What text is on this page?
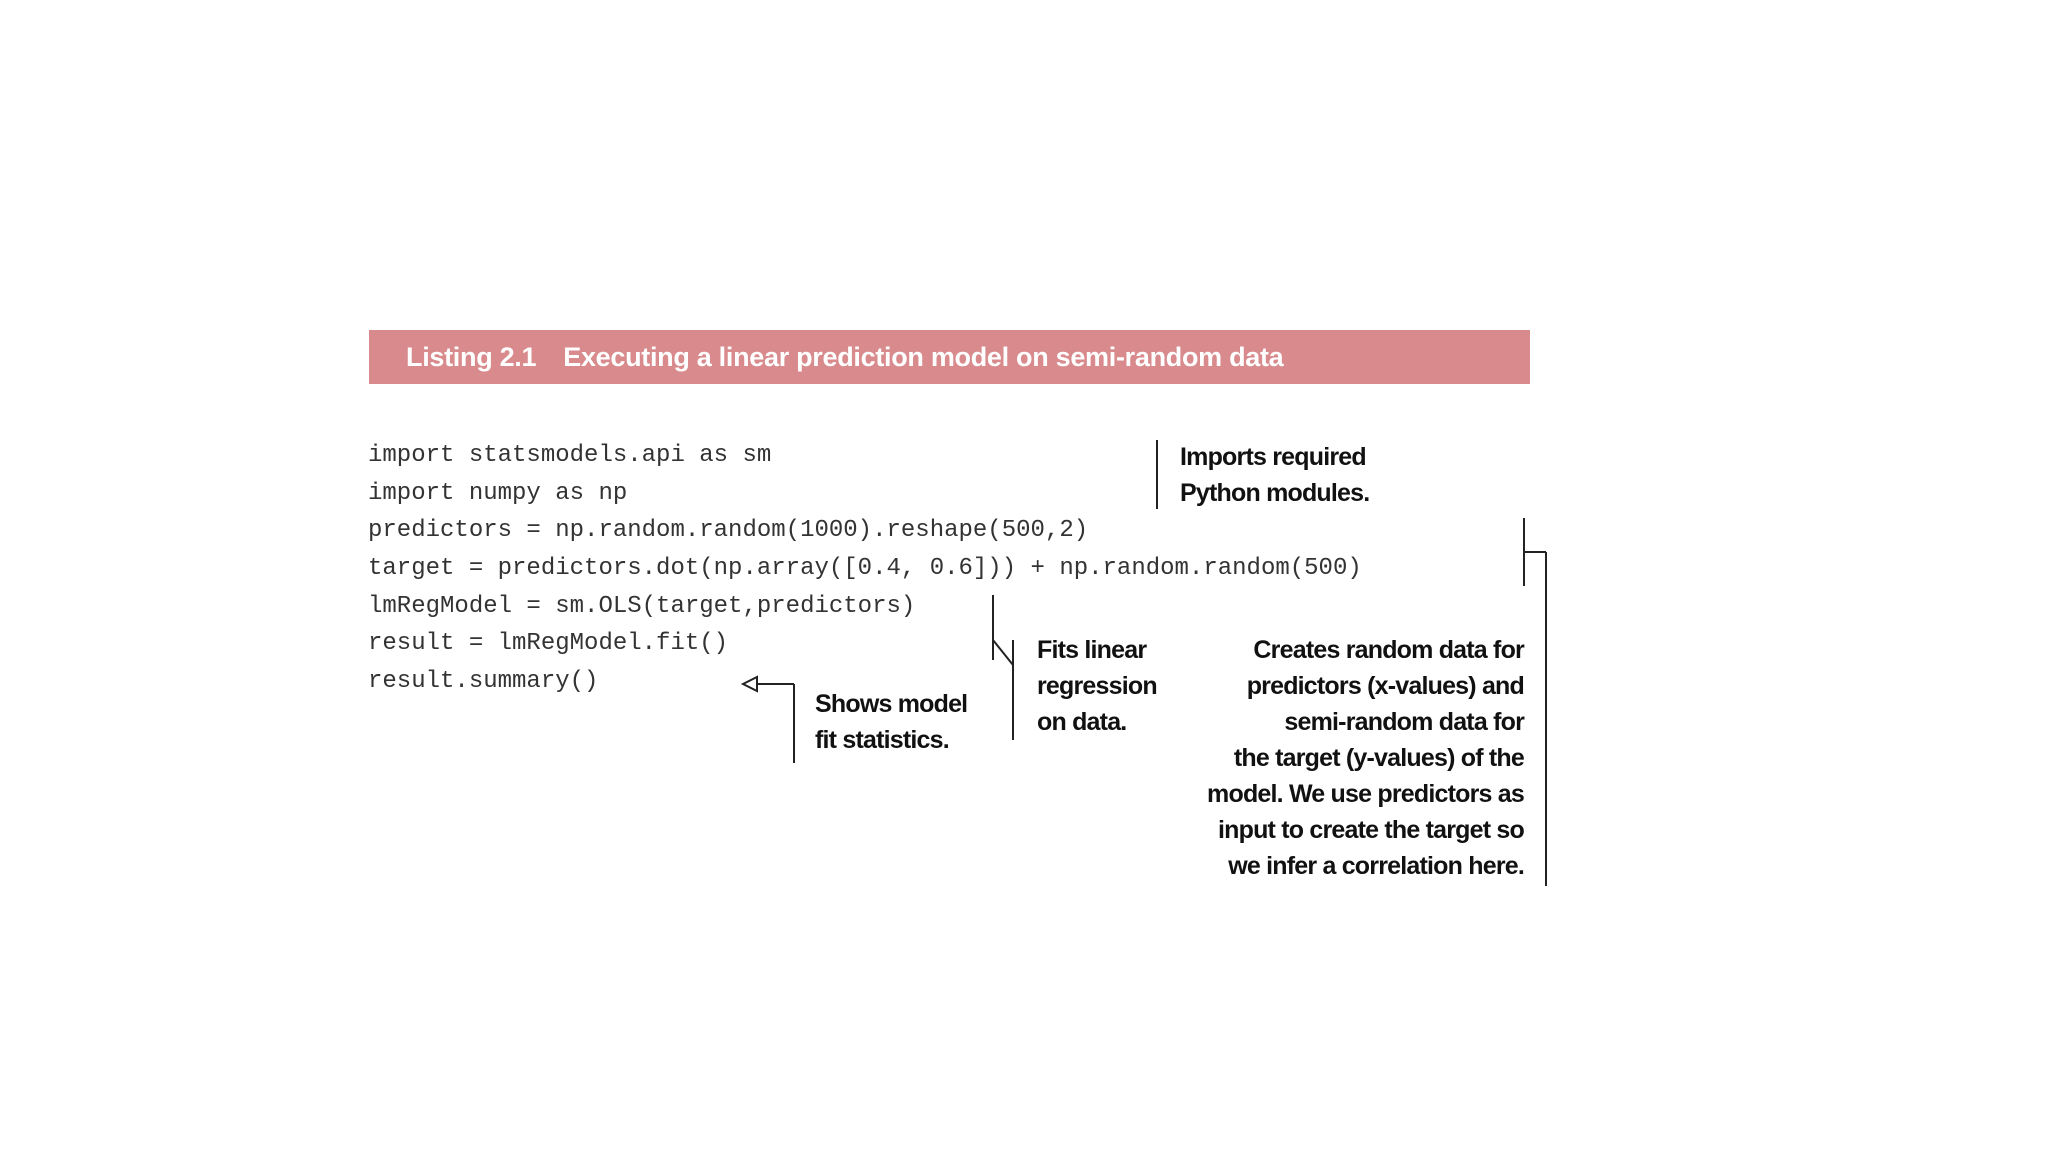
Listing 2.1 Executing a linear prediction model on semi-random data
import statsmodels.api as sm
import numpy as np
predictors = np.random.random(1000).reshape(500,2)
target = predictors.dot(np.array([0.4, 0.6])) + np.random.random(500)
lmRegModel = sm.OLS(target,predictors)
result = lmRegModel.fit()
result.summary()
Imports required
Python modules.
Fits linear
regression
on data.
Shows model
fit statistics.
Creates random data for
predictors (x-values) and
semi-random data for
the target (y-values) of the
model. We use predictors as
input to create the target so
we infer a correlation here.
